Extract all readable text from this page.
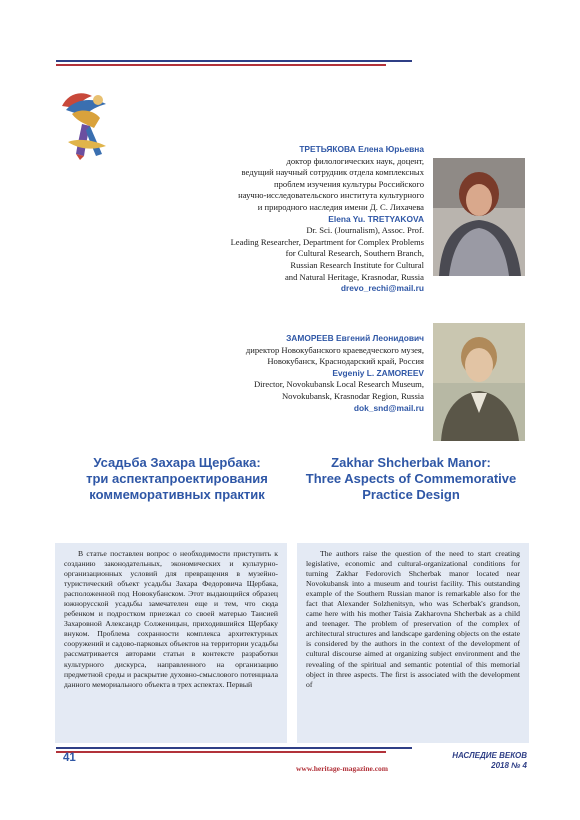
ТРЕТЬЯКОВА Елена Юрьевна
доктор филологических наук, доцент,
ведущий научный сотрудник отдела комплексных
проблем изучения культуры Российского
научно-исследовательского института культурного
и природного наследия имени Д. С. Лихачева
Elena Yu. TRETYAKOVA
Dr. Sci. (Journalism), Assoc. Prof.
Leading Researcher, Department for Complex Problems
for Cultural Research, Southern Branch,
Russian Research Institute for Cultural
and Natural Heritage, Krasnodar, Russia
drevo_rechi@mail.ru
ЗАМОРЕЕВ Евгений Леонидович
директор Новокубанского краеведческого музея,
Новокубанск, Краснодарский край, Россия
Evgeniy L. ZAMOREEV
Director, Novokubansk Local Research Museum,
Novokubansk, Krasnodar Region, Russia
dok_snd@mail.ru
Усадьба Захара Щербака:
три аспектапроектирования
коммеморативных практик
Zakhar Shcherbak Manor:
Three Aspects of Commemorative
Practice Design

В статье поставлен вопрос о необходимости приступить к созданию законодательных, экономических и культурно-организационных условий для превращения в музейно-туристический объект усадьбы Захара Федоровича Щербака, расположенной под Новокубанском. Этот выдающийся образец южнорусской усадьбы замечателен еще и тем, что сюда ребенком и подростком приезжал со своей матерью Таисией Захаровной Александр Солженицын, приходившийся Щербаку внуком. Проблема сохранности комплекса архитектурных сооружений и садово-парковых объектов на территории усадьбы рассматривается авторами статьи в контексте разработки культурного дискурса, направленного на организацию предметной среды и раскрытие духовно-смыслового потенциала данного мемориального объекта в трех аспектах. Первый

The authors raise the question of the need to start creating legislative, economic and cultural-organizational conditions for turning Zakhar Fedorovich Shcherbak manor located near Novokubansk into a museum and tourist facility. This outstanding example of the Southern Russian manor is remarkable also for the fact that Alexander Solzhenitsyn, who was Scherbak's grandson, came here with his mother Taisia Zakharovna Shcherbak as a child and teenager. The problem of preservation of the complex of architectural structures and landscape gardening objects on the estate is considered by the authors in the context of the development of cultural discourse aimed at organizing subject environment and the revealing of the spiritual and semantic potential of this memorial object in three aspects. The first is associated with the development of

41
www.heritage-magazine.com
НАСЛЕДИЕ ВЕКОВ
2018 № 4
